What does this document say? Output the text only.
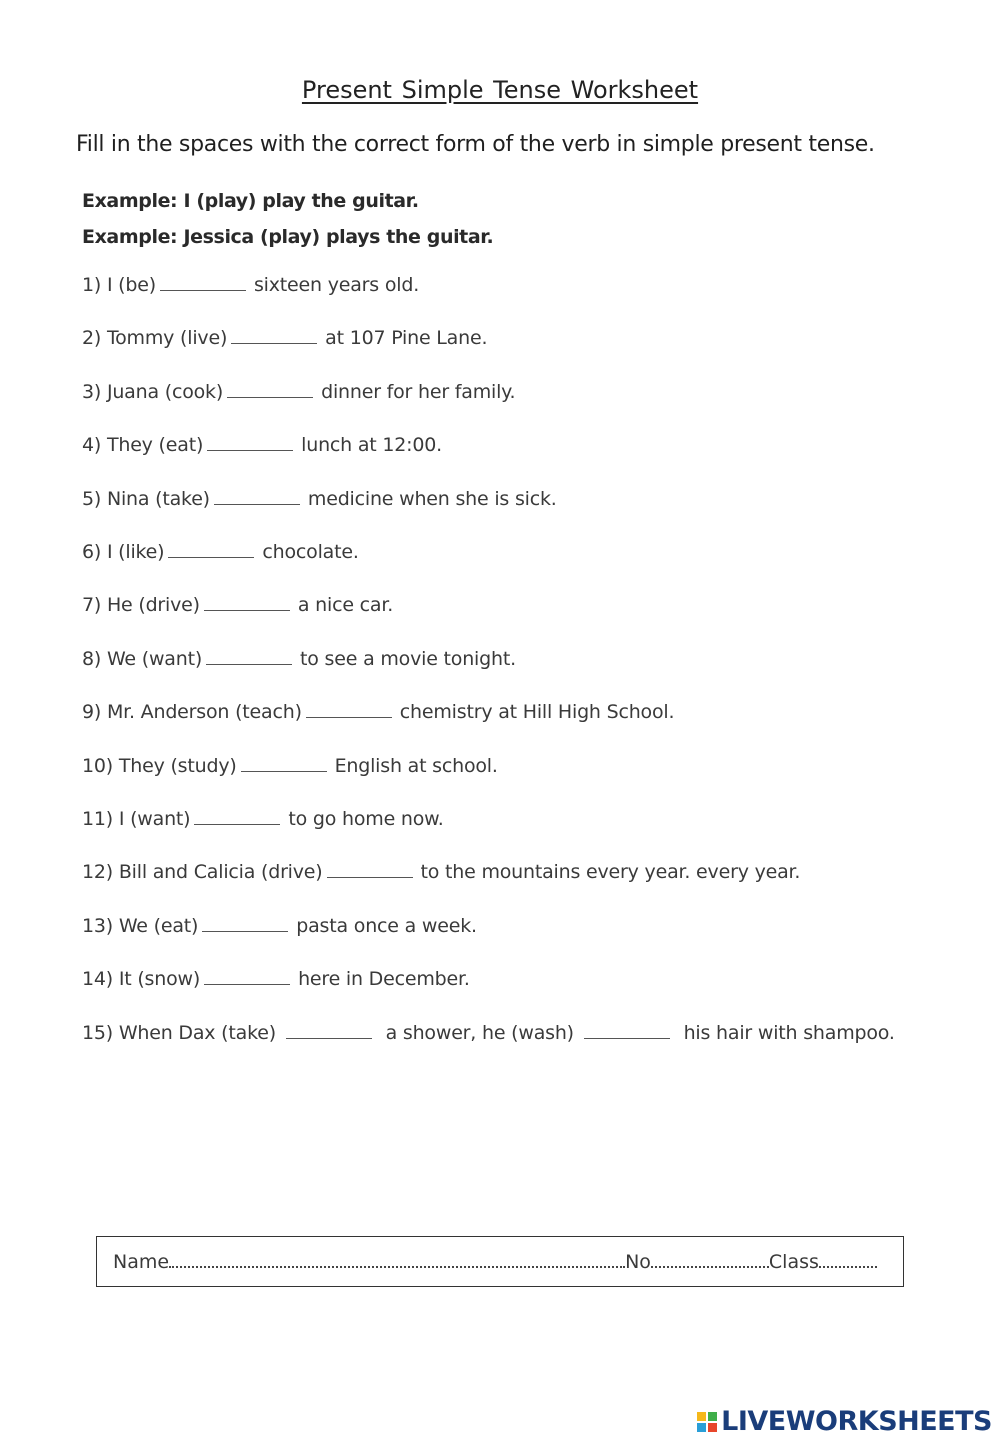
Present Simple Tense Worksheet
Fill in the spaces with the correct form of the verb in simple present tense.
Example: I (play) play the guitar.
Example: Jessica (play) plays the guitar.
1) I (be)	sixteen years old.
2) Tommy (live)	at 107 Pine Lane.
3) Juana (cook)	dinner for her family.
4) They (eat)	lunch at 12:00.
5) Nina (take)	medicine when she is sick.
6) I (like)	chocolate.
7) He (drive)	a nice car.
8) We (want)	to see a movie tonight.
9) Mr. Anderson (teach)	chemistry at Hill High School.
10) They (study)	English at school.
11) I (want)	to go home now.
12) Bill and Calicia (drive)	to the mountains every year. every year.
13) We (eat)	pasta once a week.
14) It (snow)	here in December.
15) When Dax (take)	a shower, he (wash)	his hair with shampoo.
Name	No	Class
LIVEWORKSHEETS
